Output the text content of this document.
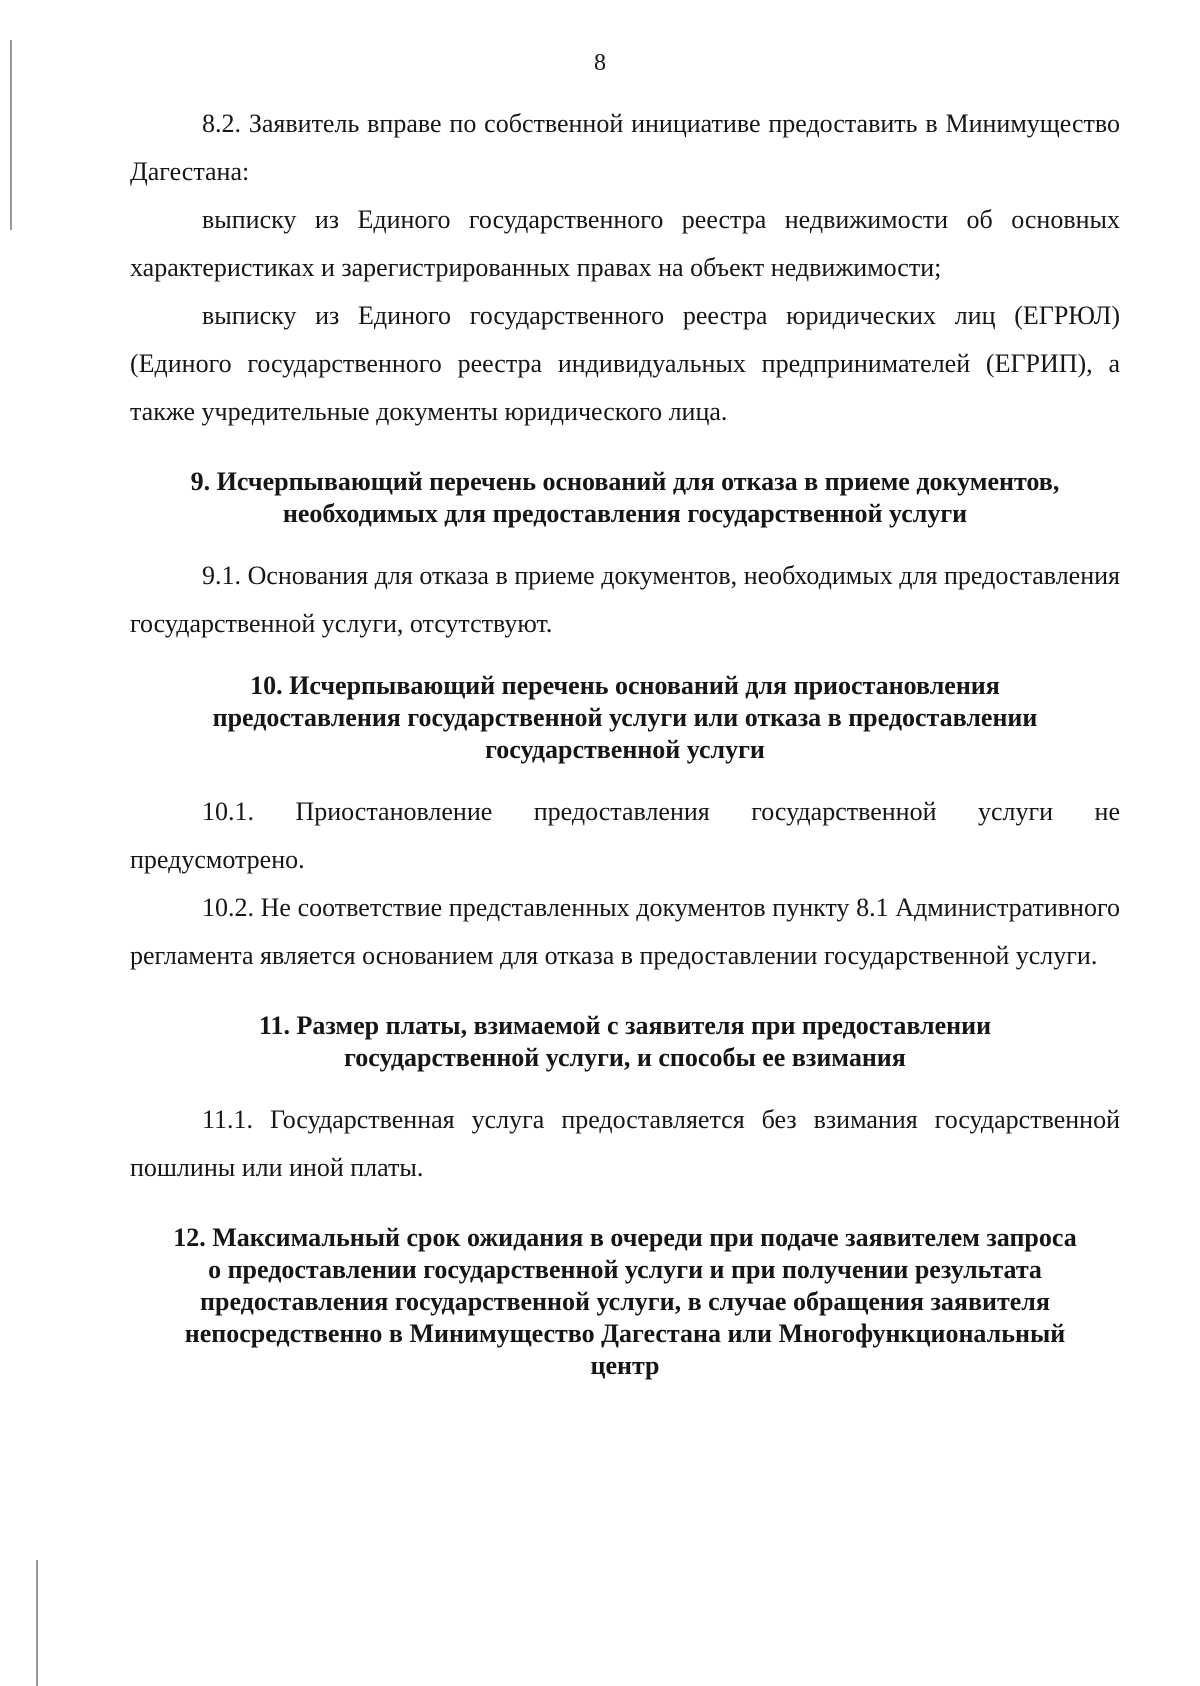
8

8.2. Заявитель вправе по собственной инициативе предоставить в Минимущество Дагестана:

выписку из Единого государственного реестра недвижимости об основных характеристиках и зарегистрированных правах на объект недвижимости;

выписку из Единого государственного реестра юридических лиц (ЕГРЮЛ) (Единого государственного реестра индивидуальных предпринимателей (ЕГРИП), а также учредительные документы юридического лица.

9. Исчерпывающий перечень оснований для отказа в приеме документов,
необходимых для предоставления государственной услуги

9.1. Основания для отказа в приеме документов, необходимых для предоставления государственной услуги, отсутствуют.

10. Исчерпывающий перечень оснований для приостановления
предоставления государственной услуги или отказа в предоставлении
государственной услуги

10.1. Приостановление предоставления государственной услуги не предусмотрено.

10.2. Не соответствие представленных документов пункту 8.1 Административного регламента является основанием для отказа в предоставлении государственной услуги.

11. Размер платы, взимаемой с заявителя при предоставлении
государственной услуги, и способы ее взимания

11.1. Государственная услуга предоставляется без взимания государственной пошлины или иной платы.

12. Максимальный срок ожидания в очереди при подаче заявителем запроса
о предоставлении государственной услуги и при получении результата
предоставления государственной услуги, в случае обращения заявителя
непосредственно в Минимущество Дагестана или Многофункциональный
центр
